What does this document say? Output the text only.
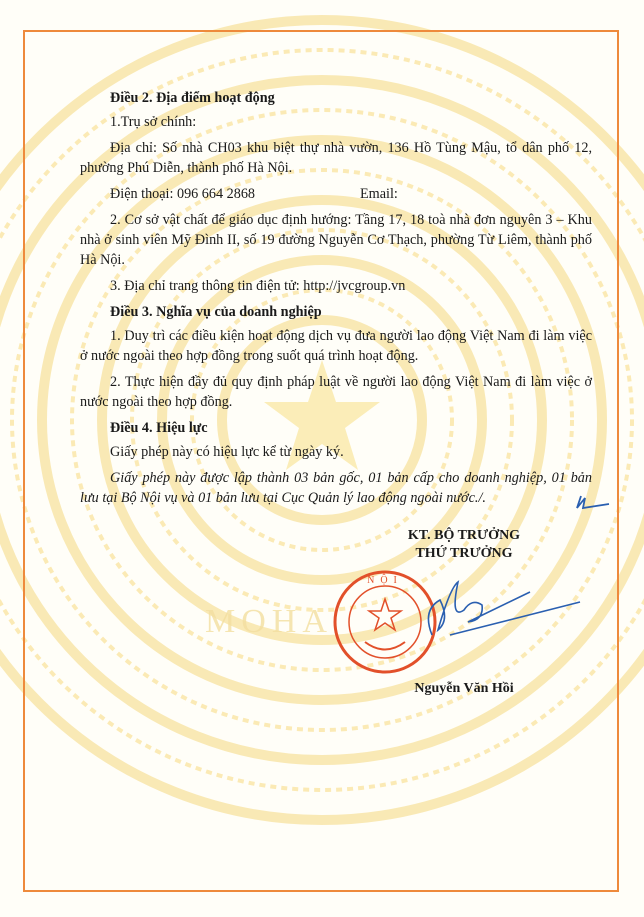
MOHA
Điều 2. Địa điểm hoạt động
1.Trụ sở chính:
Địa chỉ: Số nhà CH03 khu biệt thự nhà vườn, 136 Hồ Tùng Mậu, tổ dân phố 12, phường Phú Diễn, thành phố Hà Nội.
Điện thoại: 096 664 2868	Email:
2. Cơ sở vật chất để giáo dục định hướng: Tầng 17, 18 toà nhà đơn nguyên 3 – Khu nhà ở sinh viên Mỹ Đình II, số 19 đường Nguyễn Cơ Thạch, phường Từ Liêm, thành phố Hà Nội.
3. Địa chỉ trang thông tin điện tử: http://jvcgroup.vn
Điều 3. Nghĩa vụ của doanh nghiệp
1. Duy trì các điều kiện hoạt động dịch vụ đưa người lao động Việt Nam đi làm việc ở nước ngoài theo hợp đồng trong suốt quá trình hoạt động.
2. Thực hiện đầy đủ quy định pháp luật về người lao động Việt Nam đi làm việc ở nước ngoài theo hợp đồng.
Điều 4. Hiệu lực
Giấy phép này có hiệu lực kể từ ngày ký.
Giấy phép này được lập thành 03 bản gốc, 01 bản cấp cho doanh nghiệp, 01 bản lưu tại Bộ Nội vụ và 01 bản lưu tại Cục Quản lý lao động ngoài nước./.
KT. BỘ TRƯỞNG
THỨ TRƯỞNG
NỘI
Nguyễn Văn Hồi
